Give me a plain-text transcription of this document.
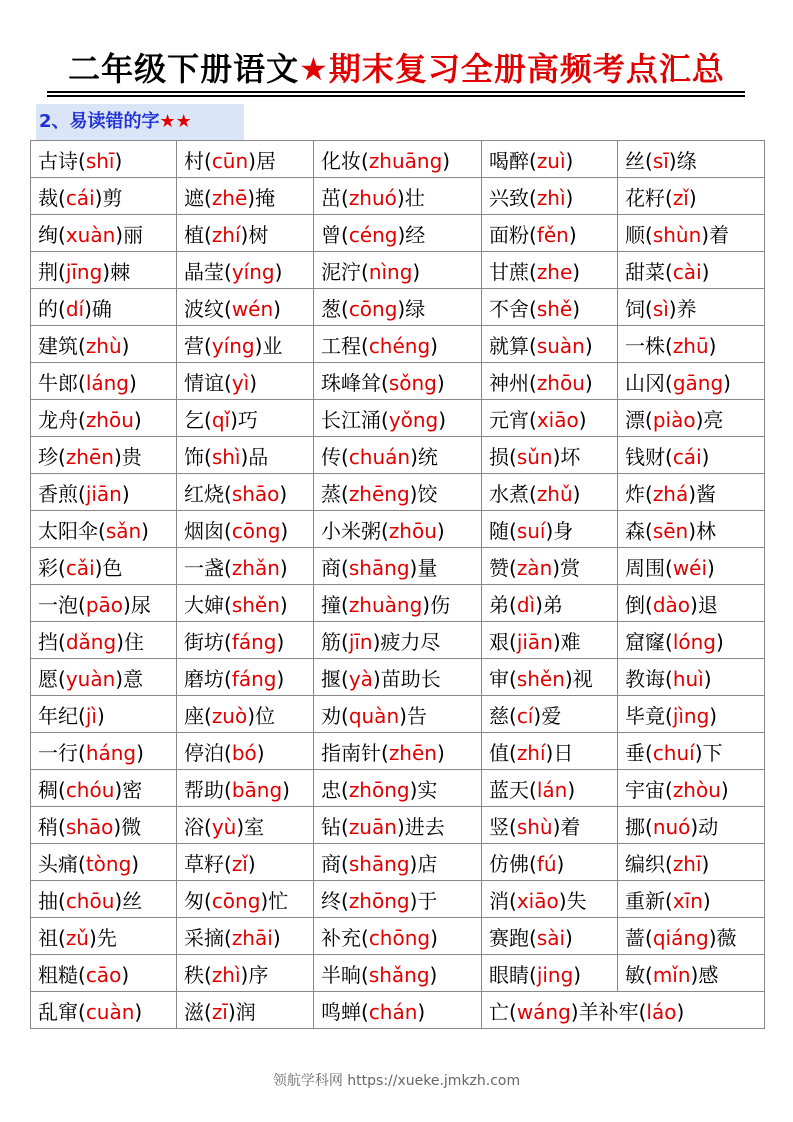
二年级下册语文★期末复习全册高频考点汇总
2、易读错的字★★
古诗(shī)	村(cūn)居	化妆(zhuāng)	喝醉(zuì)	丝(sī)绦
裁(cái)剪	遮(zhē)掩	茁(zhuó)壮	兴致(zhì)	花籽(zǐ)
绚(xuàn)丽	植(zhí)树	曾(céng)经	面粉(fěn)	顺(shùn)着
荆(jīng)棘	晶莹(yíng)	泥泞(nìng)	甘蔗(zhe)	甜菜(cài)
的(dí)确	波纹(wén)	葱(cōng)绿	不舍(shě)	饲(sì)养
建筑(zhù)	营(yíng)业	工程(chéng)	就算(suàn)	一株(zhū)
牛郎(láng)	情谊(yì)	珠峰耸(sǒng)	神州(zhōu)	山冈(gāng)
龙舟(zhōu)	乞(qǐ)巧	长江涌(yǒng)	元宵(xiāo)	漂(piào)亮
珍(zhēn)贵	饰(shì)品	传(chuán)统	损(sǔn)坏	钱财(cái)
香煎(jiān)	红烧(shāo)	蒸(zhēng)饺	水煮(zhǔ)	炸(zhá)酱
太阳伞(sǎn)	烟囱(cōng)	小米粥(zhōu)	随(suí)身	森(sēn)林
彩(cǎi)色	一盏(zhǎn)	商(shāng)量	赞(zàn)赏	周围(wéi)
一泡(pāo)尿	大婶(shěn)	撞(zhuàng)伤	弟(dì)弟	倒(dào)退
挡(dǎng)住	街坊(fáng)	筋(jīn)疲力尽	艰(jiān)难	窟窿(lóng)
愿(yuàn)意	磨坊(fáng)	揠(yà)苗助长	审(shěn)视	教诲(huì)
年纪(jì)	座(zuò)位	劝(quàn)告	慈(cí)爱	毕竟(jìng)
一行(háng)	停泊(bó)	指南针(zhēn)	值(zhí)日	垂(chuí)下
稠(chóu)密	帮助(bāng)	忠(zhōng)实	蓝天(lán)	宇宙(zhòu)
稍(shāo)微	浴(yù)室	钻(zuān)进去	竖(shù)着	挪(nuó)动
头痛(tòng)	草籽(zǐ)	商(shāng)店	仿佛(fú)	编织(zhī)
抽(chōu)丝	匆(cōng)忙	终(zhōng)于	消(xiāo)失	重新(xīn)
祖(zǔ)先	采摘(zhāi)	补充(chōng)	赛跑(sài)	蔷(qiáng)薇
粗糙(cāo)	秩(zhì)序	半晌(shǎng)	眼睛(jing)	敏(mǐn)感
乱窜(cuàn)	滋(zī)润	鸣蝉(chán)	亡(wáng)羊补牢(láo)	
领航学科网 https://xueke.jmkzh.com
